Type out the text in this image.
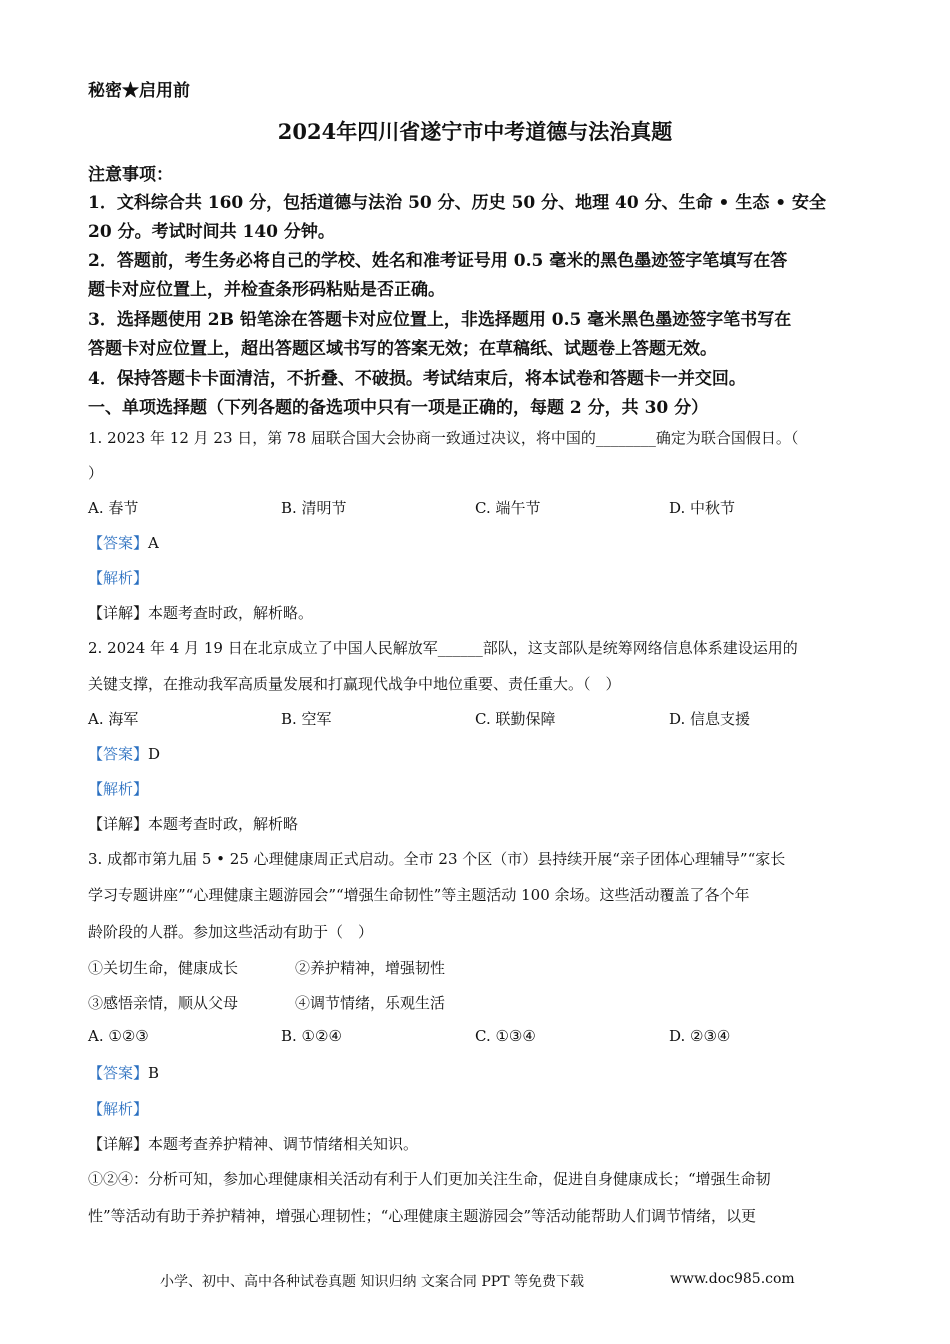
秘密★启用前
2024年四川省遂宁市中考道德与法治真题
注意事项：
1．文科综合共 160 分，包括道德与法治 50 分、历史 50 分、地理 40 分、生命 • 生态 • 安全
20 分。考试时间共 140 分钟。
2．答题前，考生务必将自己的学校、姓名和准考证号用 0.5 毫米的黑色墨迹签字笔填写在答
题卡对应位置上，并检查条形码粘贴是否正确。
3．选择题使用 2B 铅笔涂在答题卡对应位置上，非选择题用 0.5 毫米黑色墨迹签字笔书写在
答题卡对应位置上，超出答题区域书写的答案无效；在草稿纸、试题卷上答题无效。
4．保持答题卡卡面清洁，不折叠、不破损。考试结束后，将本试卷和答题卡一并交回。
一、单项选择题（下列各题的备选项中只有一项是正确的，每题 2 分，共 30 分）
1. 2023 年 12 月 23 日，第 78 届联合国大会协商一致通过决议，将中国的________确定为联合国假日。（
）
A. 春节	B. 清明节	C. 端午节	D. 中秋节
【答案】A
【解析】
【详解】本题考查时政，解析略。
2. 2024 年 4 月 19 日在北京成立了中国人民解放军______部队，这支部队是统筹网络信息体系建设运用的
关键支撑，在推动我军高质量发展和打赢现代战争中地位重要、责任重大。（　）
A. 海军	B. 空军	C. 联勤保障	D. 信息支援
【答案】D
【解析】
【详解】本题考查时政，解析略
3. 成都市第九届 5 • 25 心理健康周正式启动。全市 23 个区（市）县持续开展“亲子团体心理辅导”“家长
学习专题讲座”“心理健康主题游园会”“增强生命韧性”等主题活动 100 余场。这些活动覆盖了各个年
龄阶段的人群。参加这些活动有助于（　）
①关切生命，健康成长	②养护精神，增强韧性
③感悟亲情，顺从父母	④调节情绪，乐观生活
A. ①②③	B. ①②④	C. ①③④	D. ②③④
【答案】B
【解析】
【详解】本题考查养护精神、调节情绪相关知识。
①②④：分析可知，参加心理健康相关活动有利于人们更加关注生命，促进自身健康成长；“增强生命韧
性”等活动有助于养护精神，增强心理韧性；“心理健康主题游园会”等活动能帮助人们调节情绪，以更
小学、初中、高中各种试卷真题 知识归纳 文案合同 PPT 等免费下载	www.doc985.com
